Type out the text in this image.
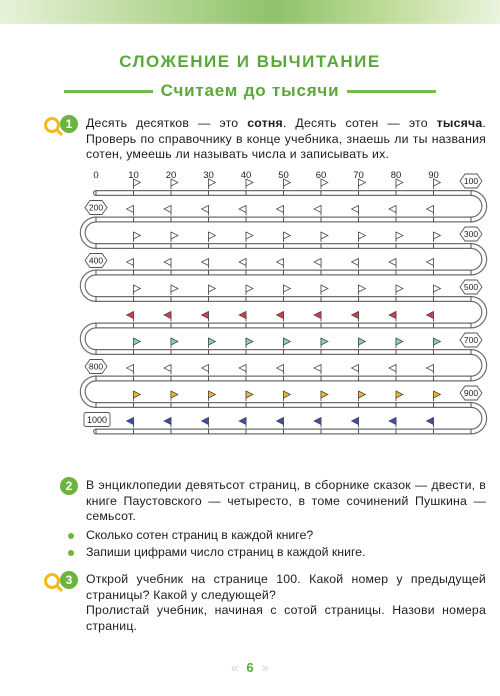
СЛОЖЕНИЕ И ВЫЧИТАНИЕ
Считаем до тысячи
1	Десять десятков — это сотня. Десять сотен — это тысяча. Проверь по справочнику в конце учебника, знаешь ли ты названия сотен, умеешь ли называть числа и записывать их.
0	10	20	30	40	50	60	70	80	90
100
200
300
400
500
700
800
900
1000
2	В энциклопедии девятьсот страниц, в сборнике сказок — двести, в книге Паустовского — четыресто, в томе сочинений Пушкина — семьсот.
Сколько сотен страниц в каждой книге?
Запиши цифрами число страниц в каждой книге.
3	Открой учебник на странице 100. Какой номер у предыдущей страницы? Какой у следующей?
Пролистай учебник, начиная с сотой страницы. Назови номера страниц.
« 6 »
